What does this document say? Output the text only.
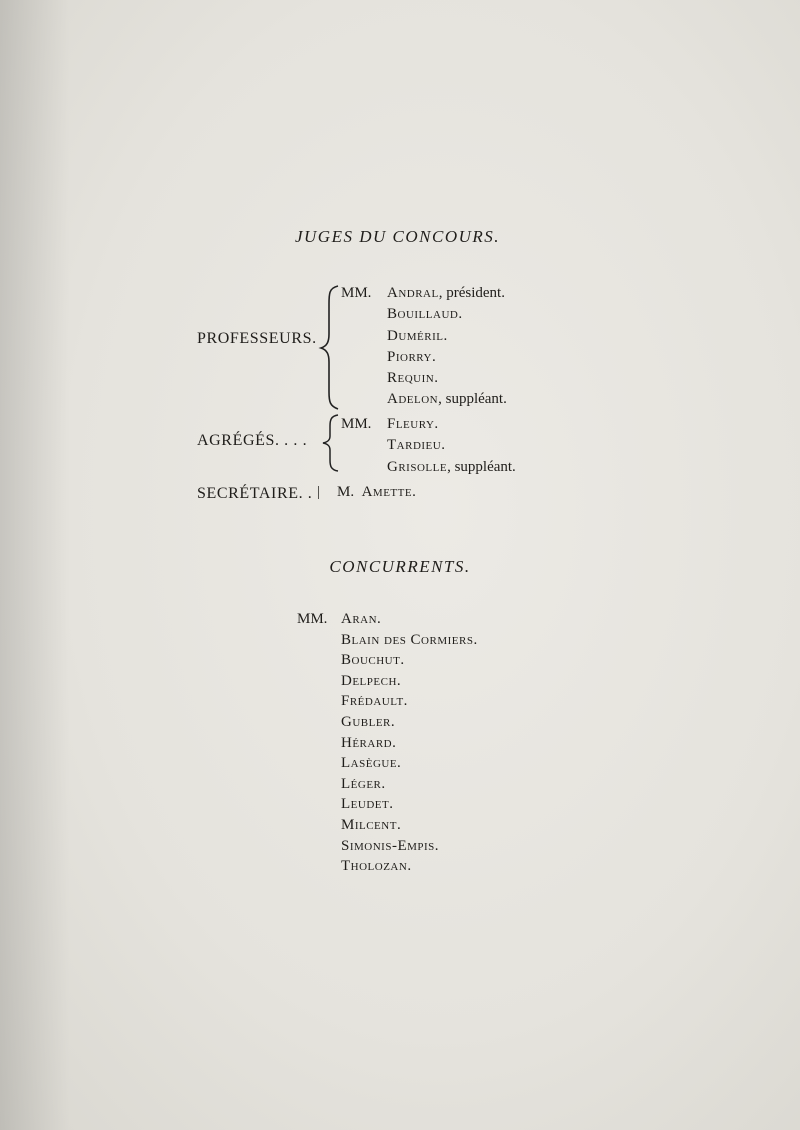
JUGES DU CONCOURS.
PROFESSEURS.
MM. Andral, président.
Bouillaud.
Duméril.
Piorry.
Requin.
Adelon, suppléant.
AGRÉGÉS. . . .
MM. Fleury.
Tardieu.
Grisolle, suppléant.
SECRÉTAIRE. . | M. Amette.
CONCURRENTS.
MM. Aran.
Blain des Cormiers.
Bouchut.
Delpech.
Frédault.
Gubler.
Hérard.
Lasègue.
Léger.
Leudet.
Milcent.
Simonis-Empis.
Tholozan.
